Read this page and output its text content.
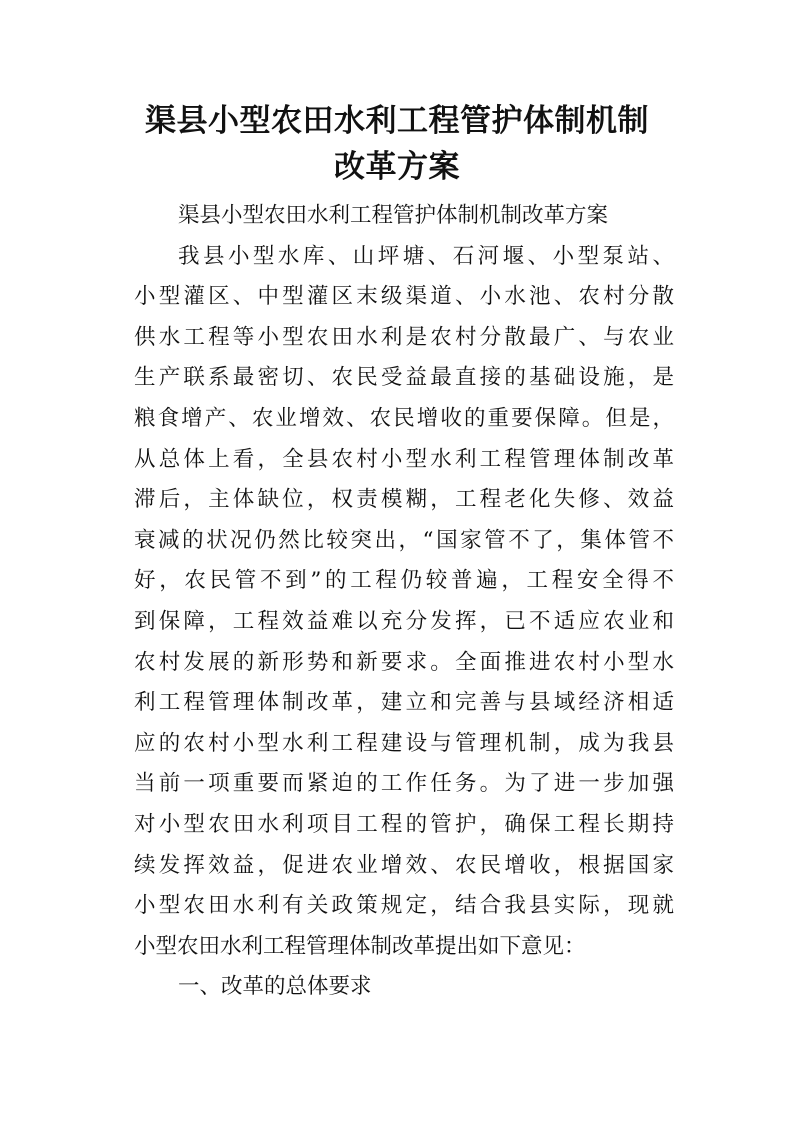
渠县小型农田水利工程管护体制机制
改革方案
渠县小型农田水利工程管护体制机制改革方案
我县小型水库、山坪塘、石河堰、小型泵站、
小型灌区、中型灌区末级渠道、小水池、农村分散
供水工程等小型农田水利是农村分散最广、与农业
生产联系最密切、农民受益最直接的基础设施，是
粮食增产、农业增效、农民增收的重要保障。但是，
从总体上看，全县农村小型水利工程管理体制改革
滞后，主体缺位，权责模糊，工程老化失修、效益
衰减的状况仍然比较突出，“国家管不了，集体管不
好，农民管不到”的工程仍较普遍，工程安全得不
到保障，工程效益难以充分发挥，已不适应农业和
农村发展的新形势和新要求。全面推进农村小型水
利工程管理体制改革，建立和完善与县域经济相适
应的农村小型水利工程建设与管理机制，成为我县
当前一项重要而紧迫的工作任务。为了进一步加强
对小型农田水利项目工程的管护，确保工程长期持
续发挥效益，促进农业增效、农民增收，根据国家
小型农田水利有关政策规定，结合我县实际，现就
小型农田水利工程管理体制改革提出如下意见：
一、改革的总体要求
